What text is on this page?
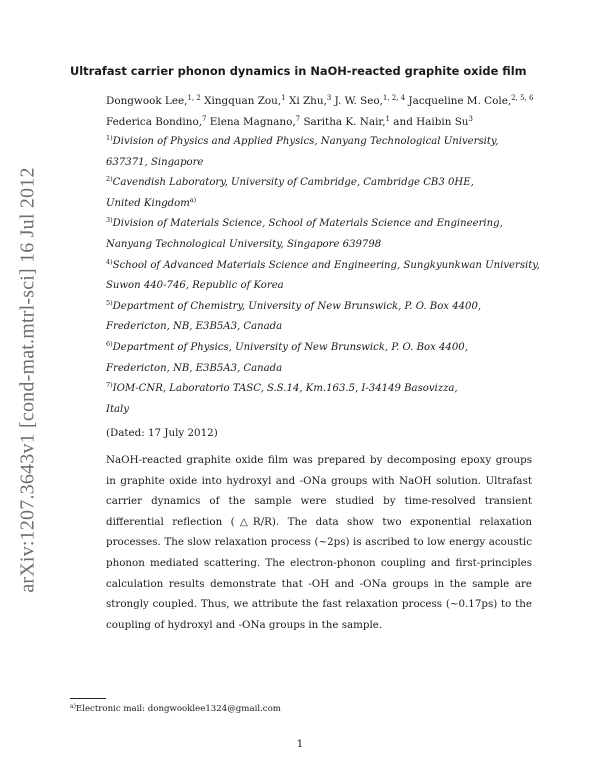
arXiv:1207.3643v1 [cond-mat.mtrl-sci] 16 Jul 2012
Ultrafast carrier phonon dynamics in NaOH-reacted graphite oxide film
Dongwook Lee,$^{1, 2}$ Xingquan Zou,$^1$ Xi Zhu,$^3$ J. W. Seo,$^{1, 2, 4}$ Jacqueline M. Cole,$^{2, 5, 6}$
Federica Bondino,$^7$ Elena Magnano,$^7$ Saritha K. Nair,$^1$ and Haibin Su$^3$
$^{1)}$Division of Physics and Applied Physics, Nanyang Technological University,
637371, Singapore
$^{2)}$Cavendish Laboratory, University of Cambridge, Cambridge CB3 0HE,
United Kingdom$^{a)}$
$^{3)}$Division of Materials Science, School of Materials Science and Engineering,
Nanyang Technological University, Singapore 639798
$^{4)}$School of Advanced Materials Science and Engineering, Sungkyunkwan University,
Suwon 440-746, Republic of Korea
$^{5)}$Department of Chemistry, University of New Brunswick, P. O. Box 4400,
Fredericton, NB, E3B5A3, Canada
$^{6)}$Department of Physics, University of New Brunswick, P. O. Box 4400,
Fredericton, NB, E3B5A3, Canada
$^{7)}$IOM-CNR, Laboratorio TASC, S.S.14, Km.163.5, I-34149 Basovizza,
Italy
(Dated: 17 July 2012)
NaOH-reacted graphite oxide film was prepared by decomposing epoxy groups in graphite oxide into hydroxyl and -ONa groups with NaOH solution. Ultrafast carrier dynamics of the sample were studied by time-resolved transient differential reflection (△R/R). The data show two exponential relaxation processes. The slow relaxation process (∼2ps) is ascribed to low energy acoustic phonon mediated scattering. The electron-phonon coupling and first-principles calculation results demonstrate that -OH and -ONa groups in the sample are strongly coupled. Thus, we attribute the fast relaxation process (∼0.17ps) to the coupling of hydroxyl and -ONa groups in the sample.
$^{a)}$Electronic mail: dongwooklee1324@gmail.com
1
